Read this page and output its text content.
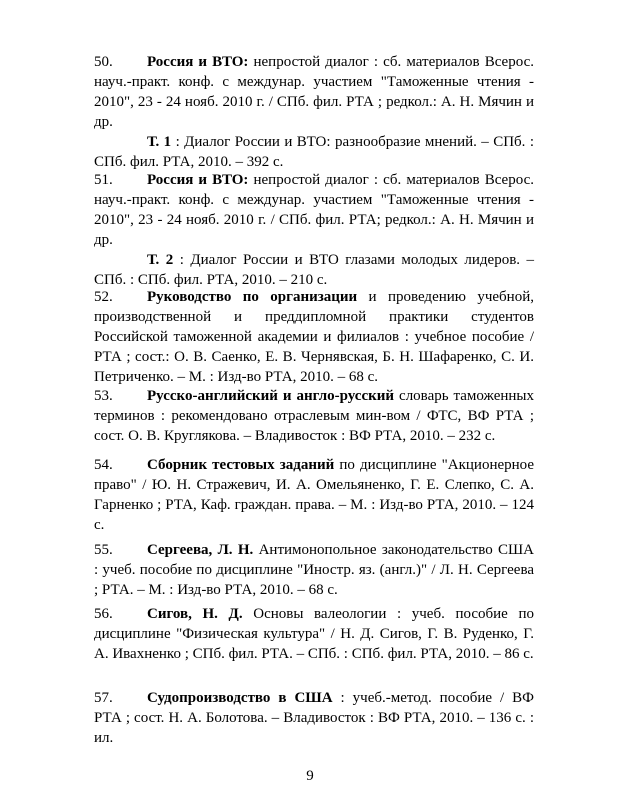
50.	Россия и ВТО: непростой диалог : сб. материалов Всерос. науч.-практ. конф. с междунар. участием "Таможенные чтения - 2010", 23 - 24 нояб. 2010 г. / СПб. фил. РТА ; редкол.: А. Н. Мячин и др.
Т. 1 : Диалог России и ВТО: разнообразие мнений. – СПб. : СПб. фил. РТА, 2010. – 392 с.
51.	Россия и ВТО: непростой диалог : сб. материалов Всерос. науч.-практ. конф. с междунар. участием "Таможенные чтения - 2010", 23 - 24 нояб. 2010 г. / СПб. фил. РТА; редкол.: А. Н. Мячин и др.
Т. 2 : Диалог России и ВТО глазами молодых лидеров. – СПб. : СПб. фил. РТА, 2010. – 210 с.
52.	Руководство по организации и проведению учебной, производственной и преддипломной практики студентов Российской таможенной академии и филиалов : учебное пособие / РТА ; сост.: О. В. Саенко, Е. В. Чернявская, Б. Н. Шафаренко, С. И. Петриченко. – М. : Изд-во РТА, 2010. – 68 с.
53.	Русско-английский и англо-русский словарь таможенных терминов : рекомендовано отраслевым мин-вом / ФТС, ВФ РТА ; сост. О. В. Круглякова. – Владивосток : ВФ РТА, 2010. – 232 с.
54.	Сборник тестовых заданий по дисциплине "Акционерное право" / Ю. Н. Стражевич, И. А. Омельяненко, Г. Е. Слепко, С. А. Гарненко ; РТА, Каф. граждан. права. – М. : Изд-во РТА, 2010. – 124 с.
55.	Сергеева, Л. Н. Антимонопольное законодательство США : учеб. пособие по дисциплине "Иностр. яз. (англ.)" / Л. Н. Сергеева ; РТА. – М. : Изд-во РТА, 2010. – 68 с.
56.	Сигов, Н. Д. Основы валеологии : учеб. пособие по дисциплине "Физическая культура" / Н. Д. Сигов, Г. В. Руденко, Г. А. Ивахненко ; СПб. фил. РТА. – СПб. : СПб. фил. РТА, 2010. – 86 с.
57.	Судопроизводство в США : учеб.-метод. пособие / ВФ РТА ; сост. Н. А. Болотова. – Владивосток : ВФ РТА, 2010. – 136 с. : ил.
9
